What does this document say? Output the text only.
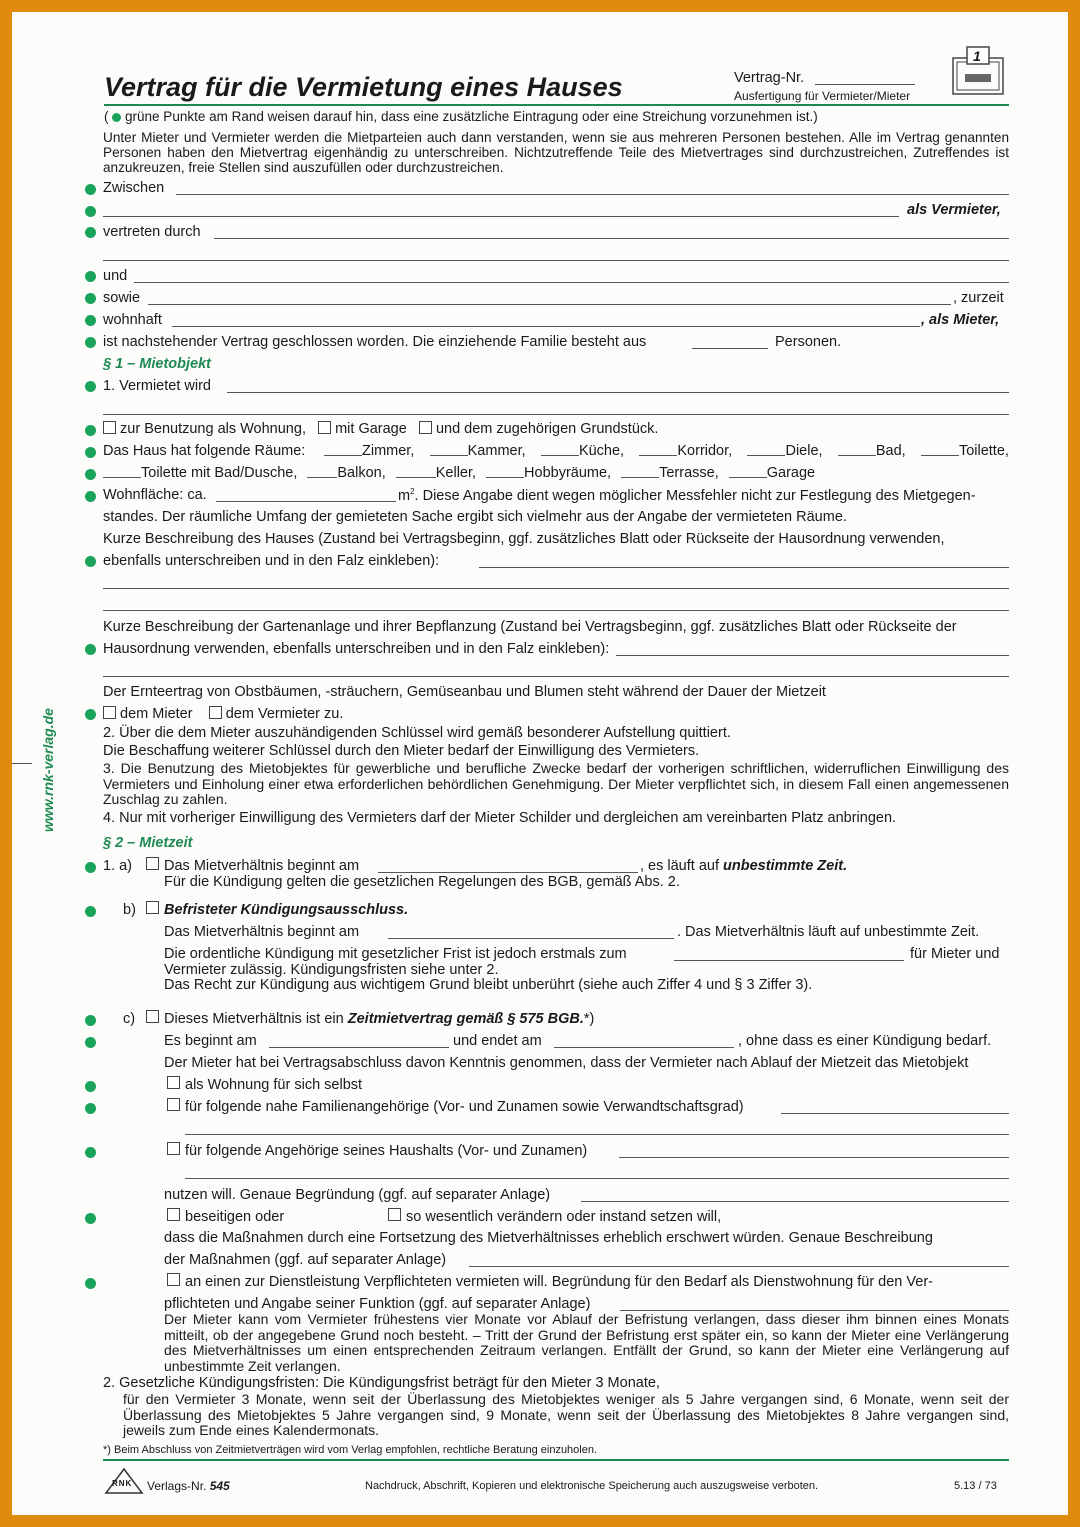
Vertrag für die Vermietung eines Hauses	Vertrag-Nr.
Ausfertigung für Vermieter/Mieter
1
( grüne Punkte am Rand weisen darauf hin, dass eine zusätzliche Eintragung oder eine Streichung vorzunehmen ist.)
Unter Mieter und Vermieter werden die Mietparteien auch dann verstanden, wenn sie aus mehreren Personen bestehen. Alle im Vertrag genannten Personen haben den Mietvertrag eigenhändig zu unterschreiben. Nichtzutreffende Teile des Mietvertrages sind durchzustreichen, Zutreffendes ist anzukreuzen, freie Stellen sind auszufüllen oder durchzustreichen.
Zwischen
als Vermieter,
vertreten durch
und
sowie	, zurzeit
wohnhaft	, als Mieter,
ist nachstehender Vertrag geschlossen worden. Die einziehende Familie besteht aus	Personen.
§ 1 – Mietobjekt
1. Vermietet wird
zur Benutzung als Wohnung, mit Garage und dem zugehörigen Grundstück.
Das Haus hat folgende Räume:	Zimmer,	Kammer,	Küche,	Korridor,	Diele,	Bad,	Toilette,
Toilette mit Bad/Dusche,	Balkon,	Keller,	Hobbyräume,	Terrasse,	Garage
Wohnfläche: ca.	$m^2$. Diese Angabe dient wegen möglicher Messfehler nicht zur Festlegung des Mietgegen-
standes. Der räumliche Umfang der gemieteten Sache ergibt sich vielmehr aus der Angabe der vermieteten Räume.
Kurze Beschreibung des Hauses (Zustand bei Vertragsbeginn, ggf. zusätzliches Blatt oder Rückseite der Hausordnung verwenden,
ebenfalls unterschreiben und in den Falz einkleben):
Kurze Beschreibung der Gartenanlage und ihrer Bepflanzung (Zustand bei Vertragsbeginn, ggf. zusätzliches Blatt oder Rückseite der
Hausordnung verwenden, ebenfalls unterschreiben und in den Falz einkleben):
Der Ernteertrag von Obstbäumen, -sträuchern, Gemüseanbau und Blumen steht während der Dauer der Mietzeit
dem Mieter dem Vermieter zu.
2. Über die dem Mieter auszuhändigenden Schlüssel wird gemäß besonderer Aufstellung quittiert.
Die Beschaffung weiterer Schlüssel durch den Mieter bedarf der Einwilligung des Vermieters.
3. Die Benutzung des Mietobjektes für gewerbliche und berufliche Zwecke bedarf der vorherigen schriftlichen, widerruflichen Einwilligung des Vermieters und Einholung einer etwa erforderlichen behördlichen Genehmigung. Der Mieter verpflichtet sich, in diesem Fall einen angemessenen Zuschlag zu zahlen.
4. Nur mit vorheriger Einwilligung des Vermieters darf der Mieter Schilder und dergleichen am vereinbarten Platz anbringen.
§ 2 – Mietzeit
1. a) Das Mietverhältnis beginnt am	, es läuft auf unbestimmte Zeit.
Für die Kündigung gelten die gesetzlichen Regelungen des BGB, gemäß Abs. 2.
b) Befristeter Kündigungsausschluss.
Das Mietverhältnis beginnt am	. Das Mietverhältnis läuft auf unbestimmte Zeit.
Die ordentliche Kündigung mit gesetzlicher Frist ist jedoch erstmals zum	für Mieter und
Vermieter zulässig. Kündigungsfristen siehe unter 2.
Das Recht zur Kündigung aus wichtigem Grund bleibt unberührt (siehe auch Ziffer 4 und § 3 Ziffer 3).
c) Dieses Mietverhältnis ist ein Zeitmietvertrag gemäß § 575 BGB.*)
Es beginnt am	und endet am	, ohne dass es einer Kündigung bedarf.
Der Mieter hat bei Vertragsabschluss davon Kenntnis genommen, dass der Vermieter nach Ablauf der Mietzeit das Mietobjekt
als Wohnung für sich selbst
für folgende nahe Familienangehörige (Vor- und Zunamen sowie Verwandtschaftsgrad)
für folgende Angehörige seines Haushalts (Vor- und Zunamen)
nutzen will. Genaue Begründung (ggf. auf separater Anlage)
beseitigen oder	so wesentlich verändern oder instand setzen will,
dass die Maßnahmen durch eine Fortsetzung des Mietverhältnisses erheblich erschwert würden. Genaue Beschreibung
der Maßnahmen (ggf. auf separater Anlage)
an einen zur Dienstleistung Verpflichteten vermieten will. Begründung für den Bedarf als Dienstwohnung für den Ver-
pflichteten und Angabe seiner Funktion (ggf. auf separater Anlage)
Der Mieter kann vom Vermieter frühestens vier Monate vor Ablauf der Befristung verlangen, dass dieser ihm binnen eines Monats mitteilt, ob der angegebene Grund noch besteht. – Tritt der Grund der Befristung erst später ein, so kann der Mieter eine Verlängerung des Mietverhältnisses um einen entsprechenden Zeitraum verlangen. Entfällt der Grund, so kann der Mieter eine Verlängerung auf unbestimmte Zeit verlangen.
2. Gesetzliche Kündigungsfristen: Die Kündigungsfrist beträgt für den Mieter 3 Monate,
für den Vermieter 3 Monate, wenn seit der Überlassung des Mietobjektes weniger als 5 Jahre vergangen sind, 6 Monate, wenn seit der Überlassung des Mietobjektes 5 Jahre vergangen sind, 9 Monate, wenn seit der Überlassung des Mietobjektes 8 Jahre vergangen sind, jeweils zum Ende eines Kalendermonats.
*) Beim Abschluss von Zeitmietverträgen wird vom Verlag empfohlen, rechtliche Beratung einzuholen.
RNK Verlags-Nr. 545	Nachdruck, Abschrift, Kopieren und elektronische Speicherung auch auszugsweise verboten.	5.13 / 73
www.rnk-verlag.de
